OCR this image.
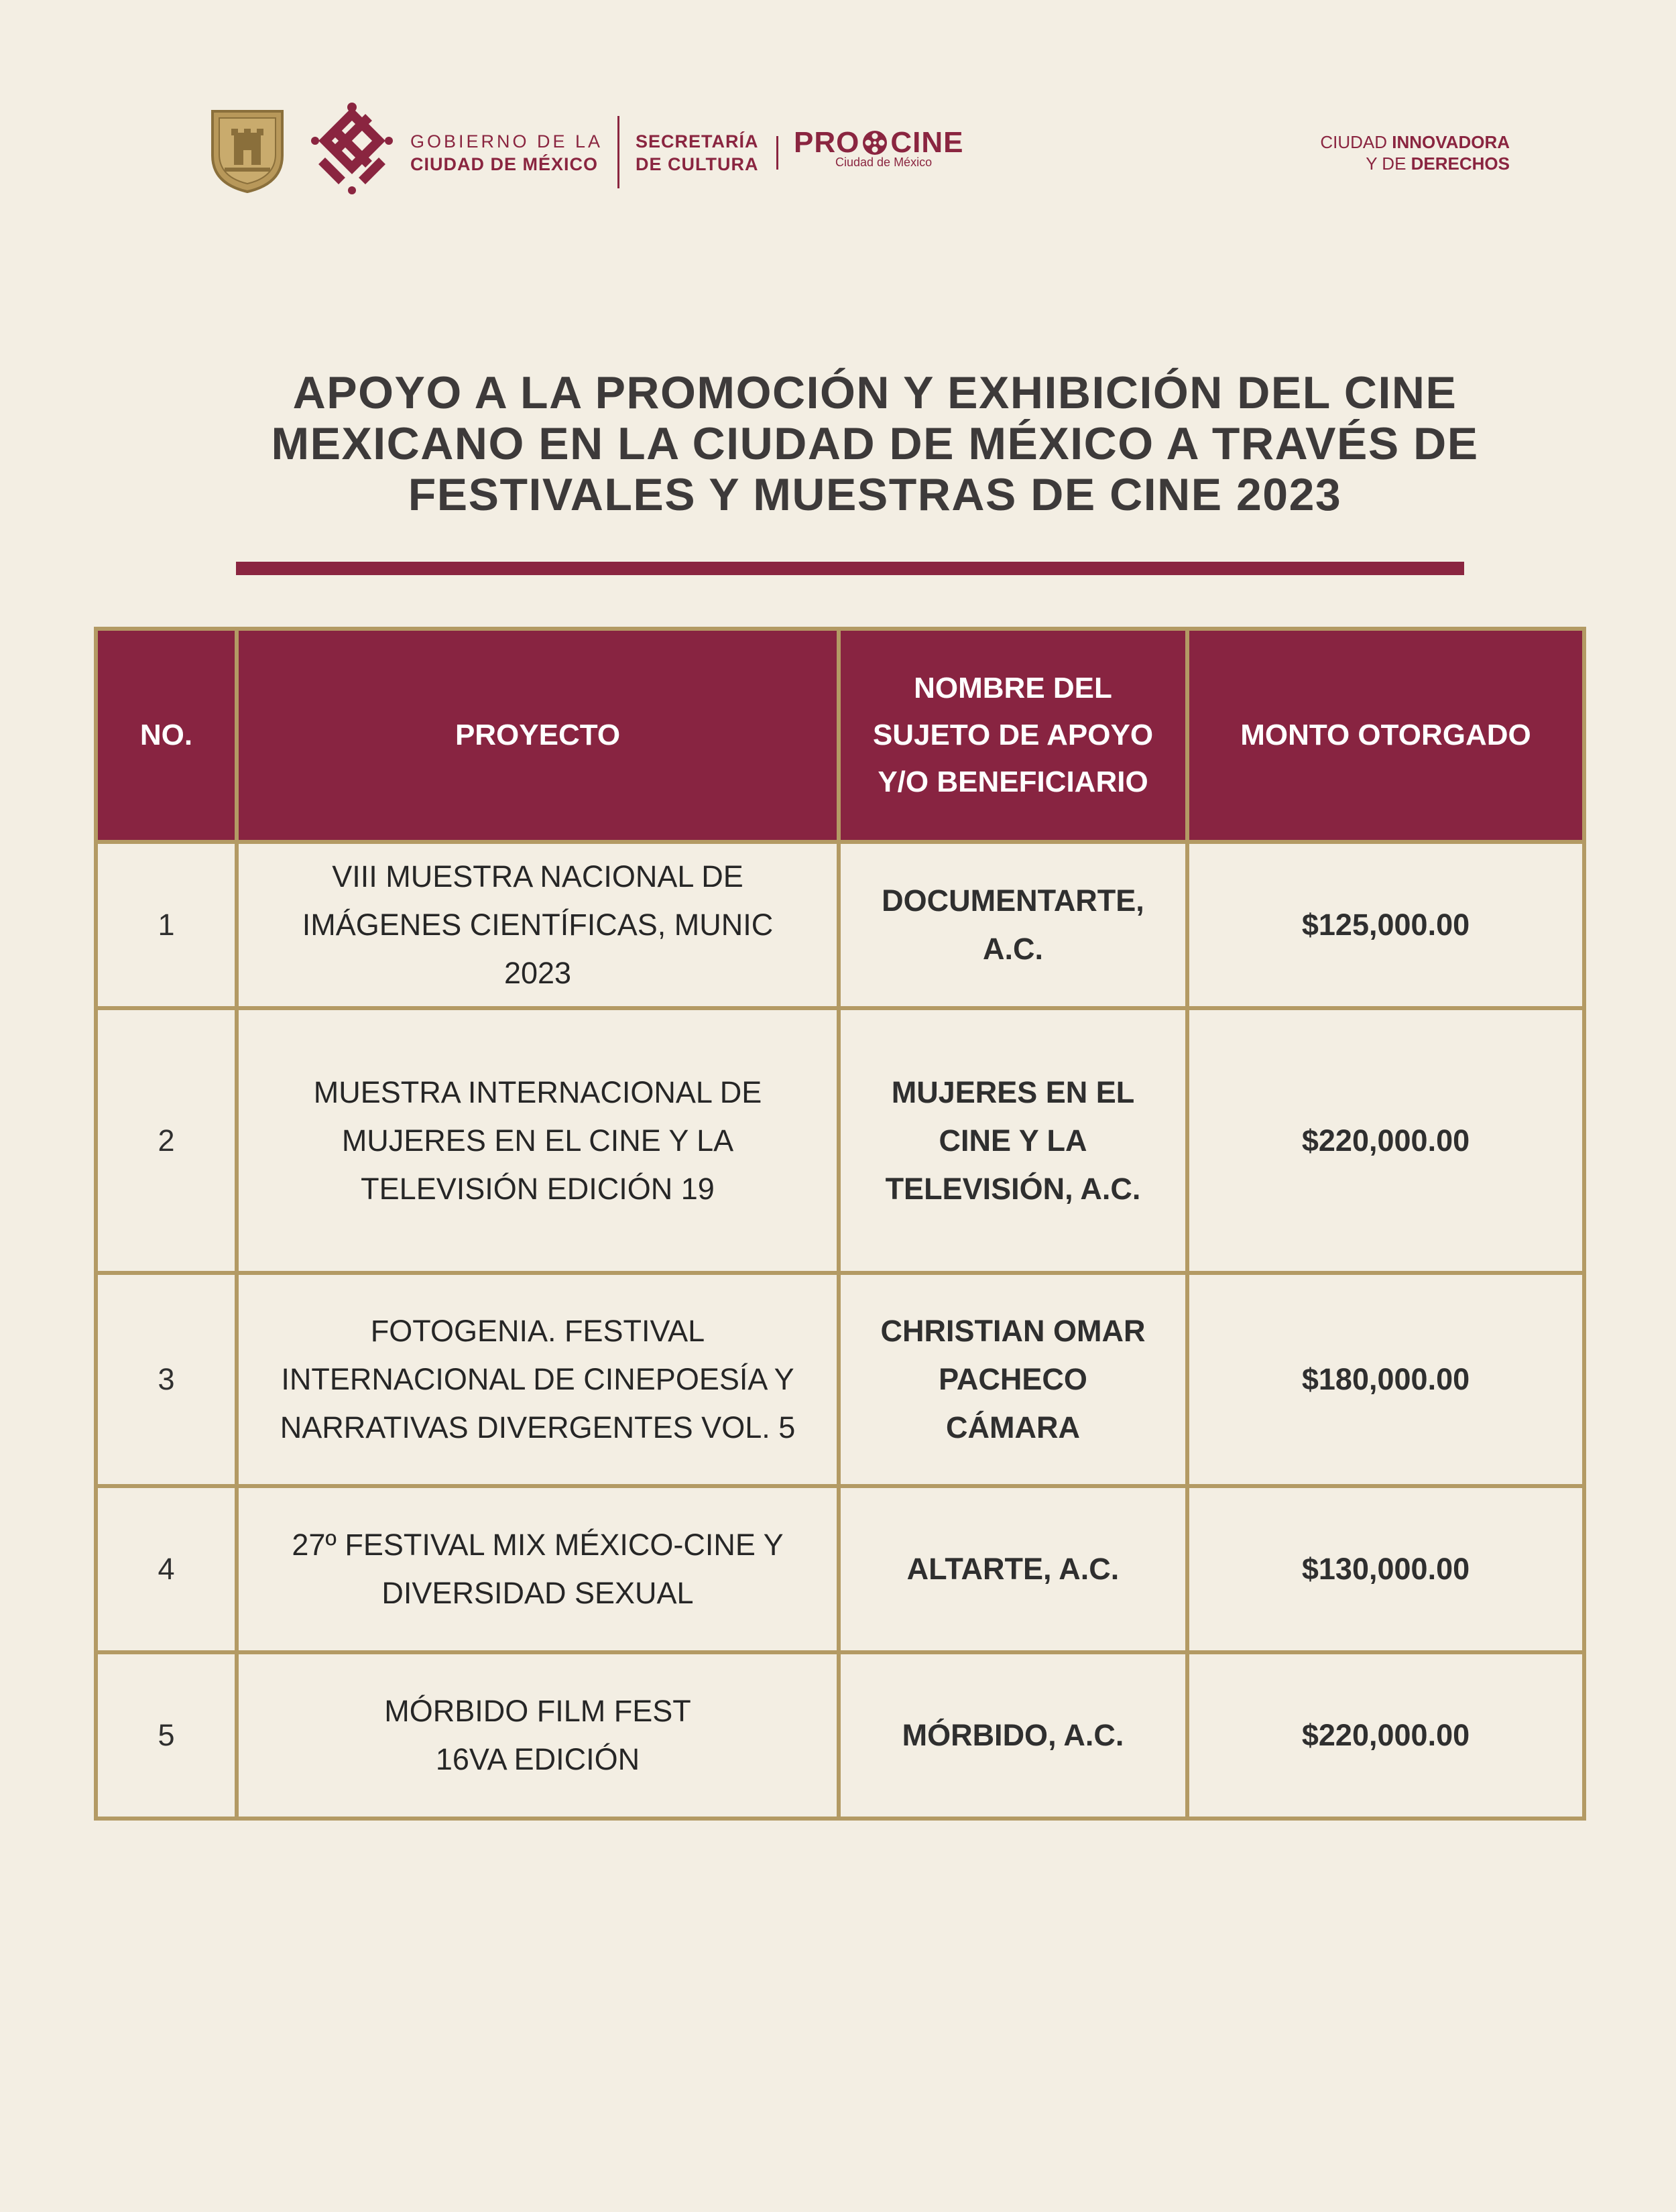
GOBIERNO DE LA
CIUDAD DE MÉXICO
SECRETARÍA
DE CULTURA
PRO CINE
Ciudad de México
CIUDAD INNOVADORA
Y DE DERECHOS
APOYO A LA PROMOCIÓN Y EXHIBICIÓN DEL CINE MEXICANO EN LA CIUDAD DE MÉXICO A TRAVÉS DE FESTIVALES Y MUESTRAS DE CINE 2023
NO.	PROYECTO	NOMBRE DEL
SUJETO DE APOYO
Y/O BENEFICIARIO	MONTO OTORGADO

1	VIII MUESTRA NACIONAL DE
IMÁGENES CIENTÍFICAS, MUNIC 2023	DOCUMENTARTE,
A.C.	$125,000.00

2	MUESTRA INTERNACIONAL DE
MUJERES EN EL CINE Y LA
TELEVISIÓN EDICIÓN 19	MUJERES EN EL
CINE Y LA
TELEVISIÓN, A.C.	$220,000.00

3	FOTOGENIA. FESTIVAL
INTERNACIONAL DE CINEPOESÍA Y
NARRATIVAS DIVERGENTES VOL. 5	CHRISTIAN OMAR
PACHECO
CÁMARA	$180,000.00

4	27º FESTIVAL MIX MÉXICO-CINE Y
DIVERSIDAD SEXUAL	ALTARTE, A.C.	$130,000.00

5	MÓRBIDO FILM FEST
16VA EDICIÓN	MÓRBIDO, A.C.	$220,000.00
